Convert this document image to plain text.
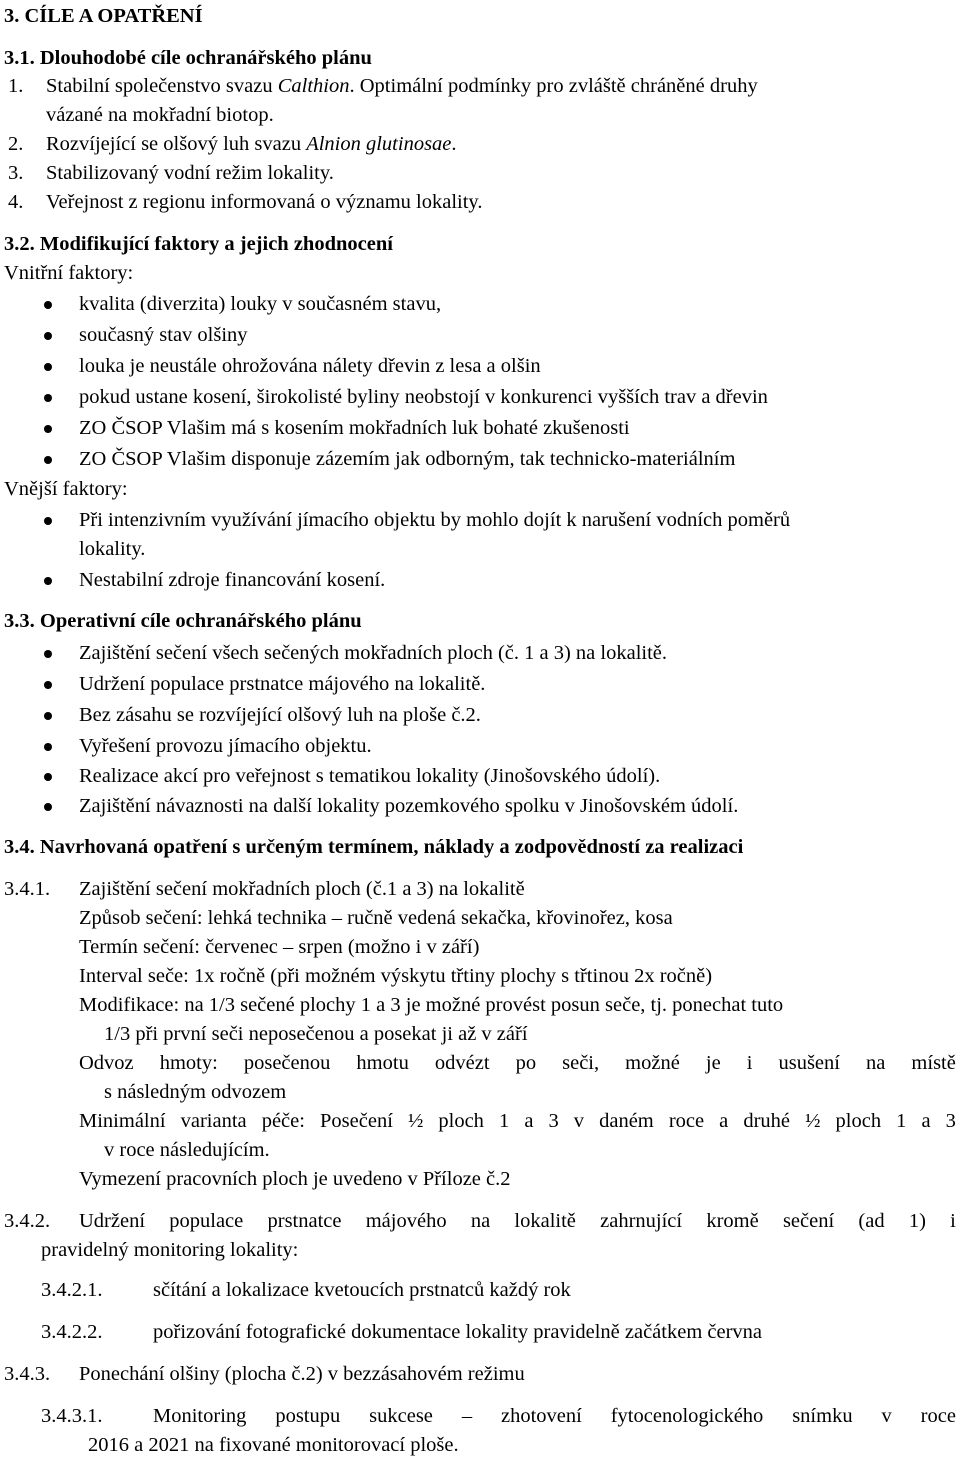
3. CÍLE A OPATŘENÍ
3.1. Dlouhodobé cíle ochranářského plánu
1. Stabilní společenstvo svazu Calthion. Optimální podmínky pro zvláště chráněné druhy
vázané na mokřadní biotop.
2. Rozvíjející se olšový luh svazu Alnion glutinosae.
3. Stabilizovaný vodní režim lokality.
4. Veřejnost z regionu informovaná o významu lokality.
3.2. Modifikující faktory a jejich zhodnocení
Vnitřní faktory:
kvalita (diverzita) louky v současném stavu,
současný stav olšiny
louka je neustále ohrožována nálety dřevin z lesa a olšin
pokud ustane kosení, širokolisté byliny neobstojí v konkurenci vyšších trav a dřevin
ZO ČSOP Vlašim má s kosením mokřadních luk bohaté zkušenosti
ZO ČSOP Vlašim disponuje zázemím jak odborným, tak technicko-materiálním
Vnější faktory:
Při intenzivním využívání jímacího objektu by mohlo dojít k narušení vodních poměrů
lokality.
Nestabilní zdroje financování kosení.
3.3. Operativní cíle ochranářského plánu
Zajištění sečení všech sečených mokřadních ploch (č. 1 a 3) na lokalitě.
Udržení populace prstnatce májového na lokalitě.
Bez zásahu se rozvíjející olšový luh na ploše č.2.
Vyřešení provozu jímacího objektu.
Realizace akcí pro veřejnost s tematikou lokality (Jinošovského údolí).
Zajištění návaznosti na další lokality pozemkového spolku v Jinošovském údolí.
3.4. Navrhovaná opatření s určeným termínem, náklady a zodpovědností za realizaci
3.4.1. Zajištění sečení mokřadních ploch (č.1 a 3) na lokalitě
Způsob sečení: lehká technika – ručně vedená sekačka, křovinořez, kosa
Termín sečení: červenec – srpen (možno i v září)
Interval seče: 1x ročně (při možném výskytu třtiny plochy s třtinou 2x ročně)
Modifikace: na 1/3 sečené plochy 1 a 3 je možné provést posun seče, tj. ponechat tuto
1/3 při první seči neposečenou a posekat ji až v září
Odvoz hmoty: posečenou hmotu odvézt po seči, možné je i usušení na místě
s následným odvozem
Minimální varianta péče: Posečení ½ ploch 1 a 3 v daném roce a druhé ½ ploch 1 a 3
v roce následujícím.
Vymezení pracovních ploch je uvedeno v Příloze č.2
3.4.2. Udržení populace prstnatce májového na lokalitě zahrnující kromě sečení (ad 1) i
pravidelný monitoring lokality:
3.4.2.1. sčítání a lokalizace kvetoucích prstnatců každý rok
3.4.2.2. pořizování fotografické dokumentace lokality pravidelně začátkem června
3.4.3. Ponechání olšiny (plocha č.2) v bezzásahovém režimu
3.4.3.1. Monitoring postupu sukcese – zhotovení fytocenologického snímku v roce
2016 a 2021 na fixované monitorovací ploše.
